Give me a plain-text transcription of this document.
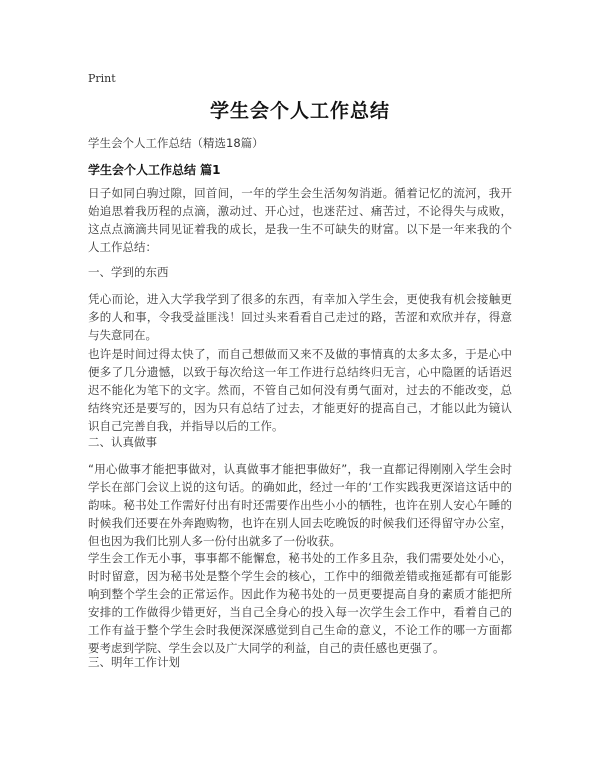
Print
学生会个人工作总结
学生会个人工作总结（精选18篇）
学生会个人工作总结 篇1
日子如同白驹过隙，回首间，一年的学生会生活匆匆消逝。循着记忆的流河，我开始追思着我历程的点滴，激动过、开心过，也迷茫过、痛苦过，不论得失与成败，这点点滴滴共同见证着我的成长，是我一生不可缺失的财富。以下是一年来我的个人工作总结：
一、学到的东西
凭心而论，进入大学我学到了很多的东西，有幸加入学生会，更使我有机会接触更多的人和事，令我受益匪浅！回过头来看看自己走过的路，苦涩和欢欣并存，得意与失意同在。
也许是时间过得太快了，而自己想做而又来不及做的事情真的太多太多，于是心中便多了几分遗憾，以致于每次给这一年工作进行总结终归无言，心中隐匿的话语迟迟不能化为笔下的文字。然而，不管自己如何没有勇气面对，过去的不能改变，总结终究还是要写的，因为只有总结了过去，才能更好的提高自己，才能以此为镜认识自己完善自我，并指导以后的工作。
二、认真做事
“用心做事才能把事做对，认真做事才能把事做好”，我一直都记得刚刚入学生会时学长在部门会议上说的这句话。的确如此，经过一年的‘工作实践我更深谙这话中的韵味。秘书处工作需好付出有时还需要作出些小小的牺牲，也许在别人安心午睡的时候我们还要在外奔跑购物，也许在别人回去吃晚饭的时候我们还得留守办公室，但也因为我们比别人多一份付出就多了一份收获。
学生会工作无小事，事事都不能懈怠，秘书处的工作多且杂，我们需要处处小心，时时留意，因为秘书处是整个学生会的核心，工作中的细微差错或拖延都有可能影响到整个学生会的正常运作。因此作为秘书处的一员更要提高自身的素质才能把所安排的工作做得少错更好，当自己全身心的投入每一次学生会工作中，看着自己的工作有益于整个学生会时我便深深感觉到自己生命的意义，不论工作的哪一方面都要考虑到学院、学生会以及广大同学的利益，自己的责任感也更强了。
三、明年工作计划
